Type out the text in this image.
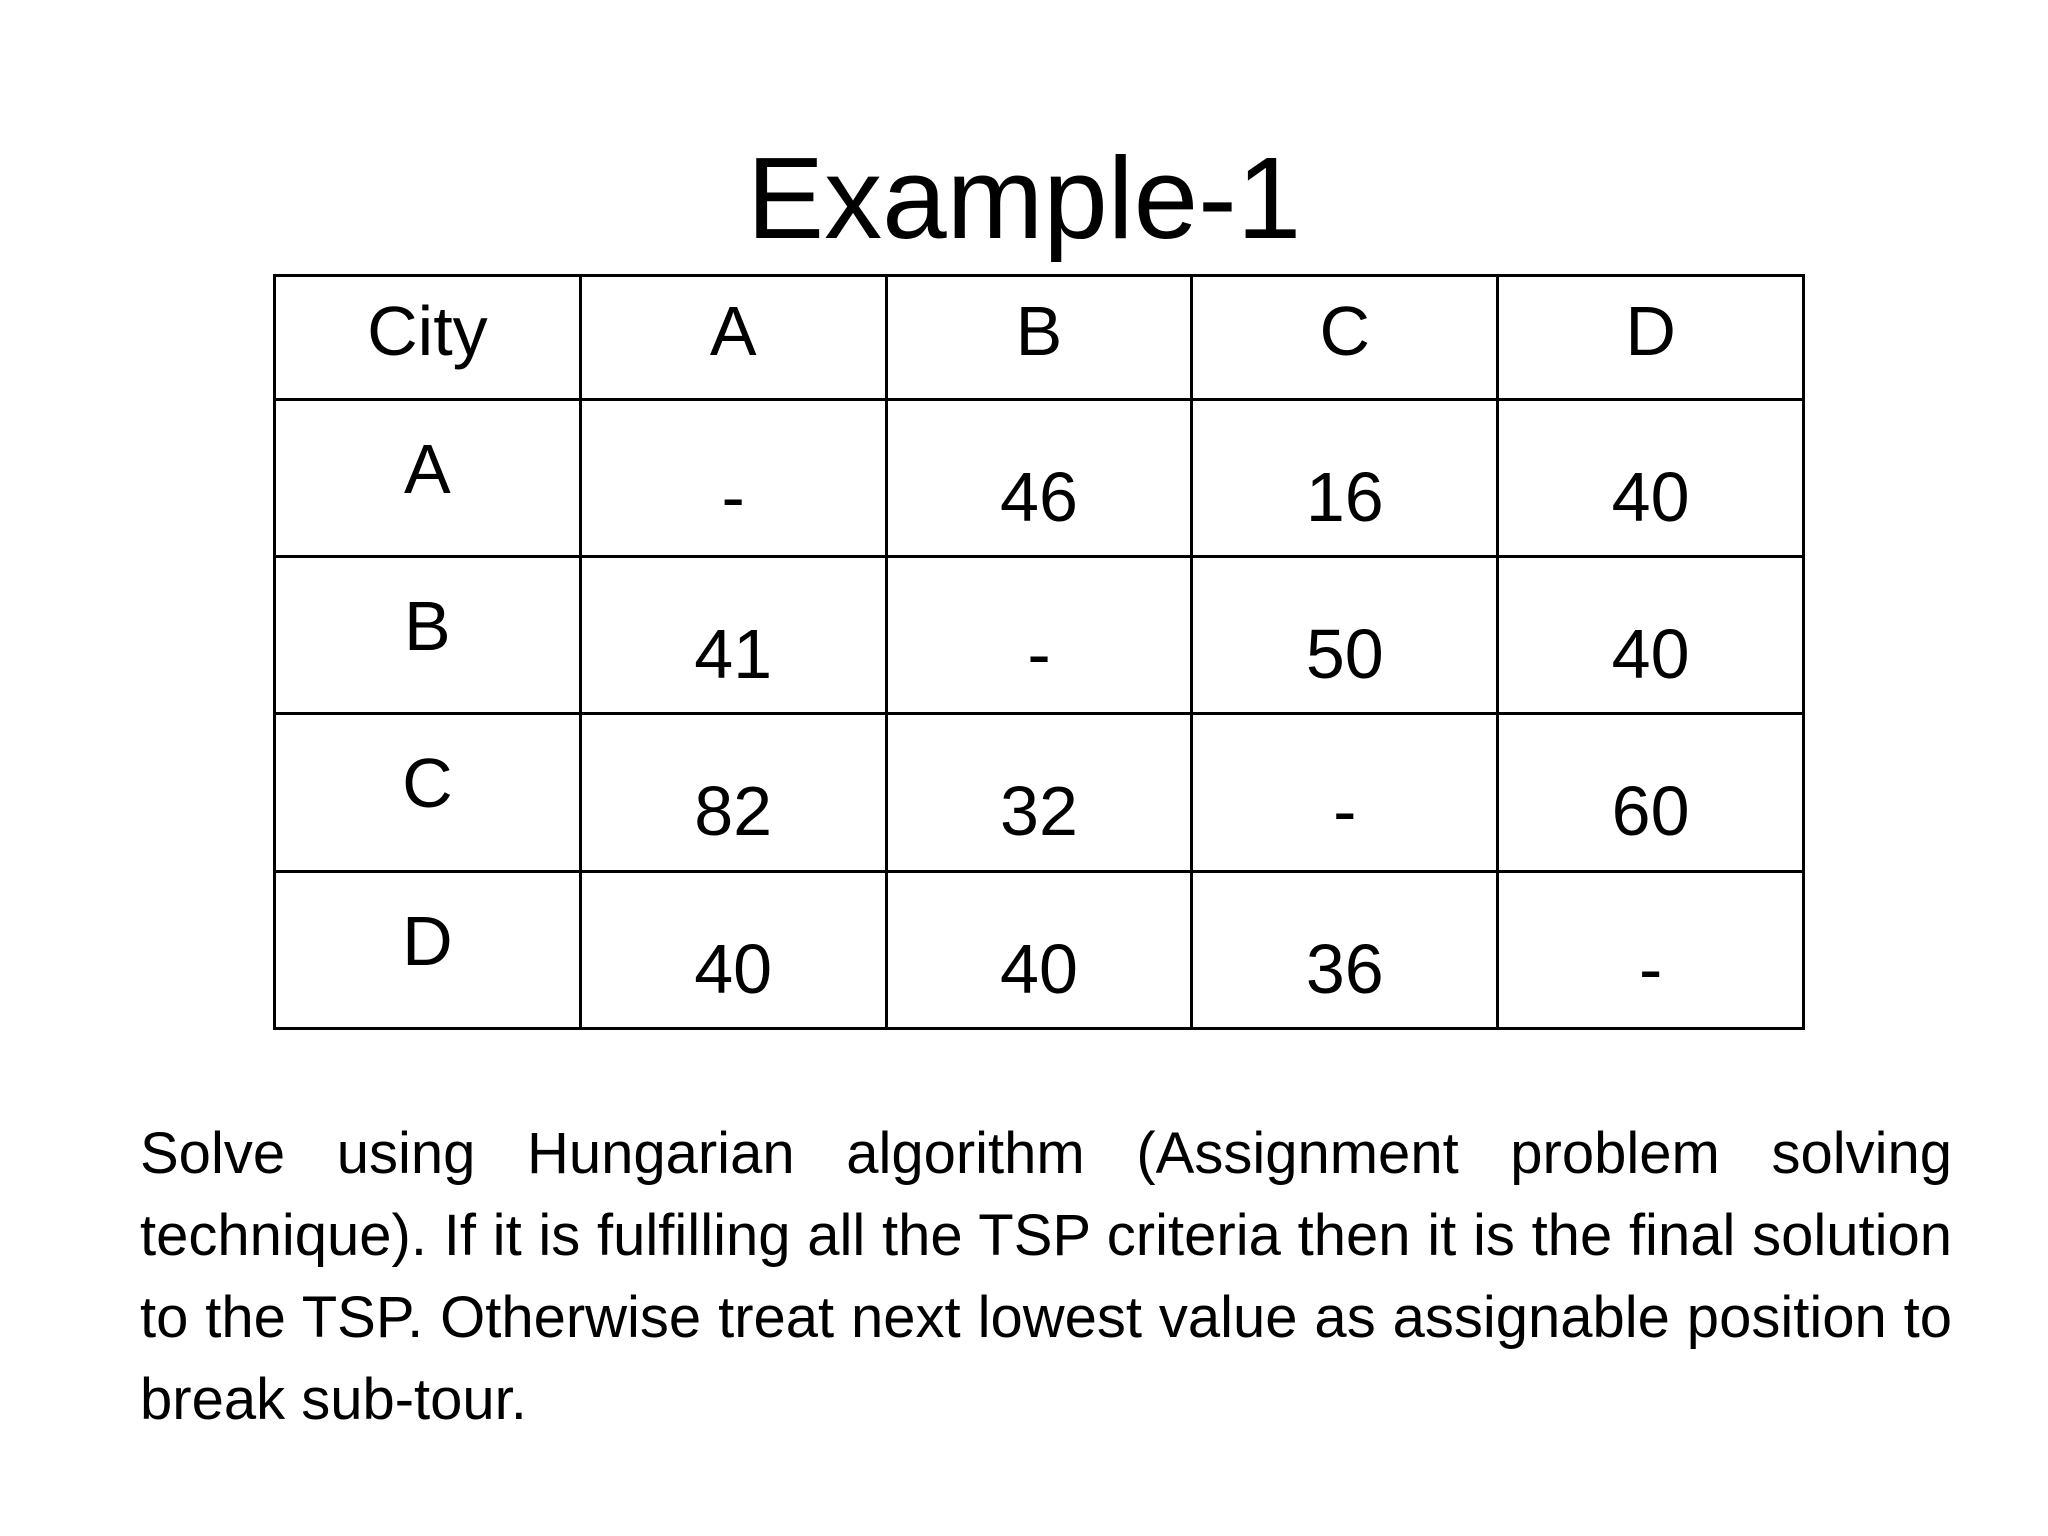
Example-1
City	A	B	C	D
A	-	46	16	40
B	41	-	50	40
C	82	32	-	60
D	40	40	36	-

Solve using Hungarian algorithm (Assignment problem solving technique). If it is fulfilling all the TSP criteria then it is the final solution to the TSP. Otherwise treat next lowest value as assignable position to break sub-tour.
